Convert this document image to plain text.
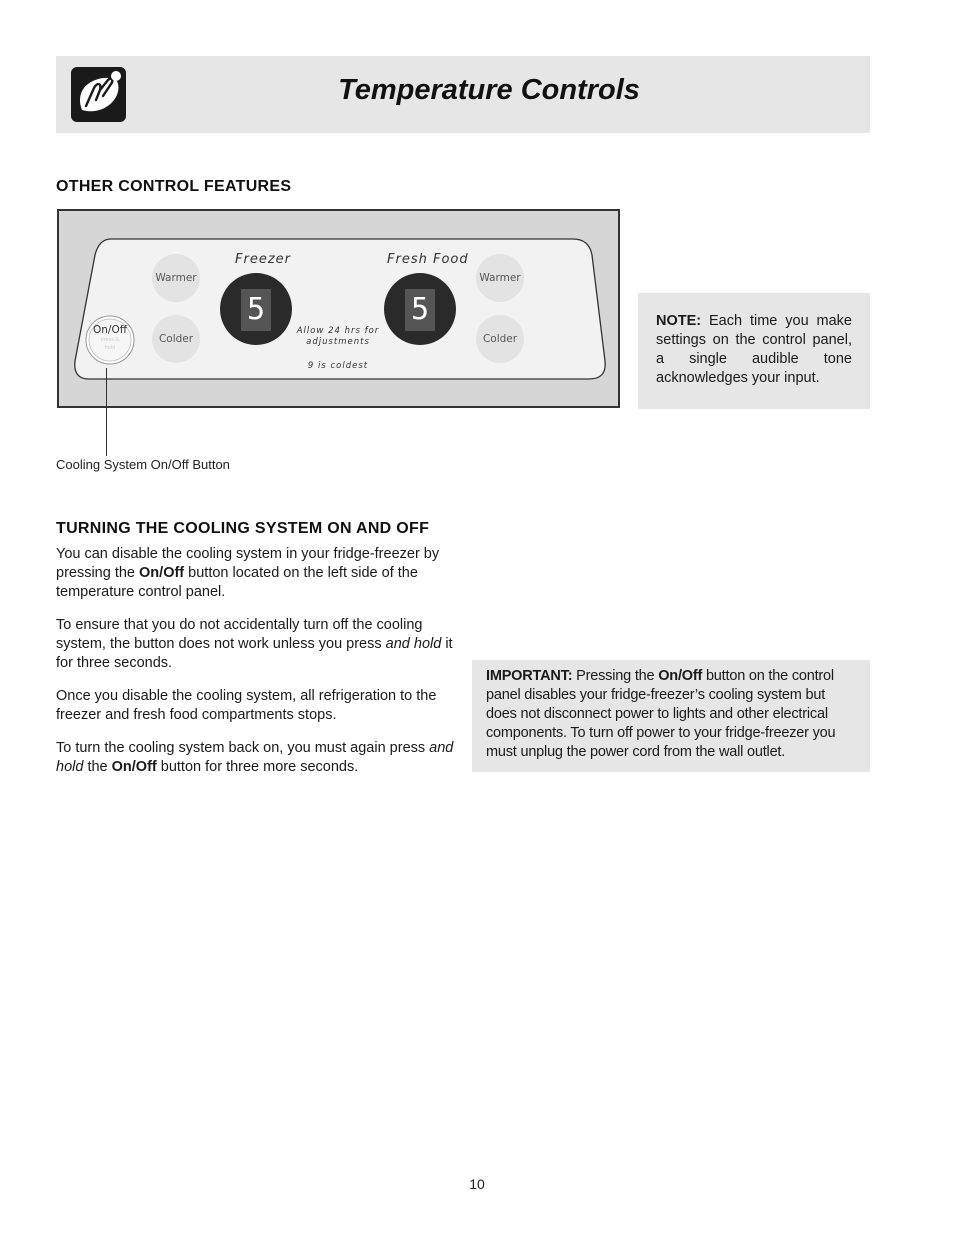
Temperature Controls
OTHER CONTROL FEATURES
Freezer	Fresh Food
Warmer
Colder
Warmer
Colder
On/Off
press & hold
5	5
Allow 24 hrs for
adjustments
9 is coldest
Cooling System On/Off Button

NOTE: Each time you make settings on the control panel, a single audible tone acknowledges your input.

TURNING THE COOLING SYSTEM ON AND OFF

You can disable the cooling system in your fridge-freezer by pressing the On/Off button located on the left side of the temperature control panel.

To ensure that you do not accidentally turn off the cooling system, the button does not work unless you press and hold it for three seconds.

Once you disable the cooling system, all refrigeration to the freezer and fresh food compartments stops.

To turn the cooling system back on, you must again press and hold the On/Off button for three more seconds.

IMPORTANT: Pressing the On/Off button on the control panel disables your fridge-freezer’s cooling system but does not disconnect power to lights and other electrical components. To turn off power to your fridge-freezer you must unplug the power cord from the wall outlet.

10
